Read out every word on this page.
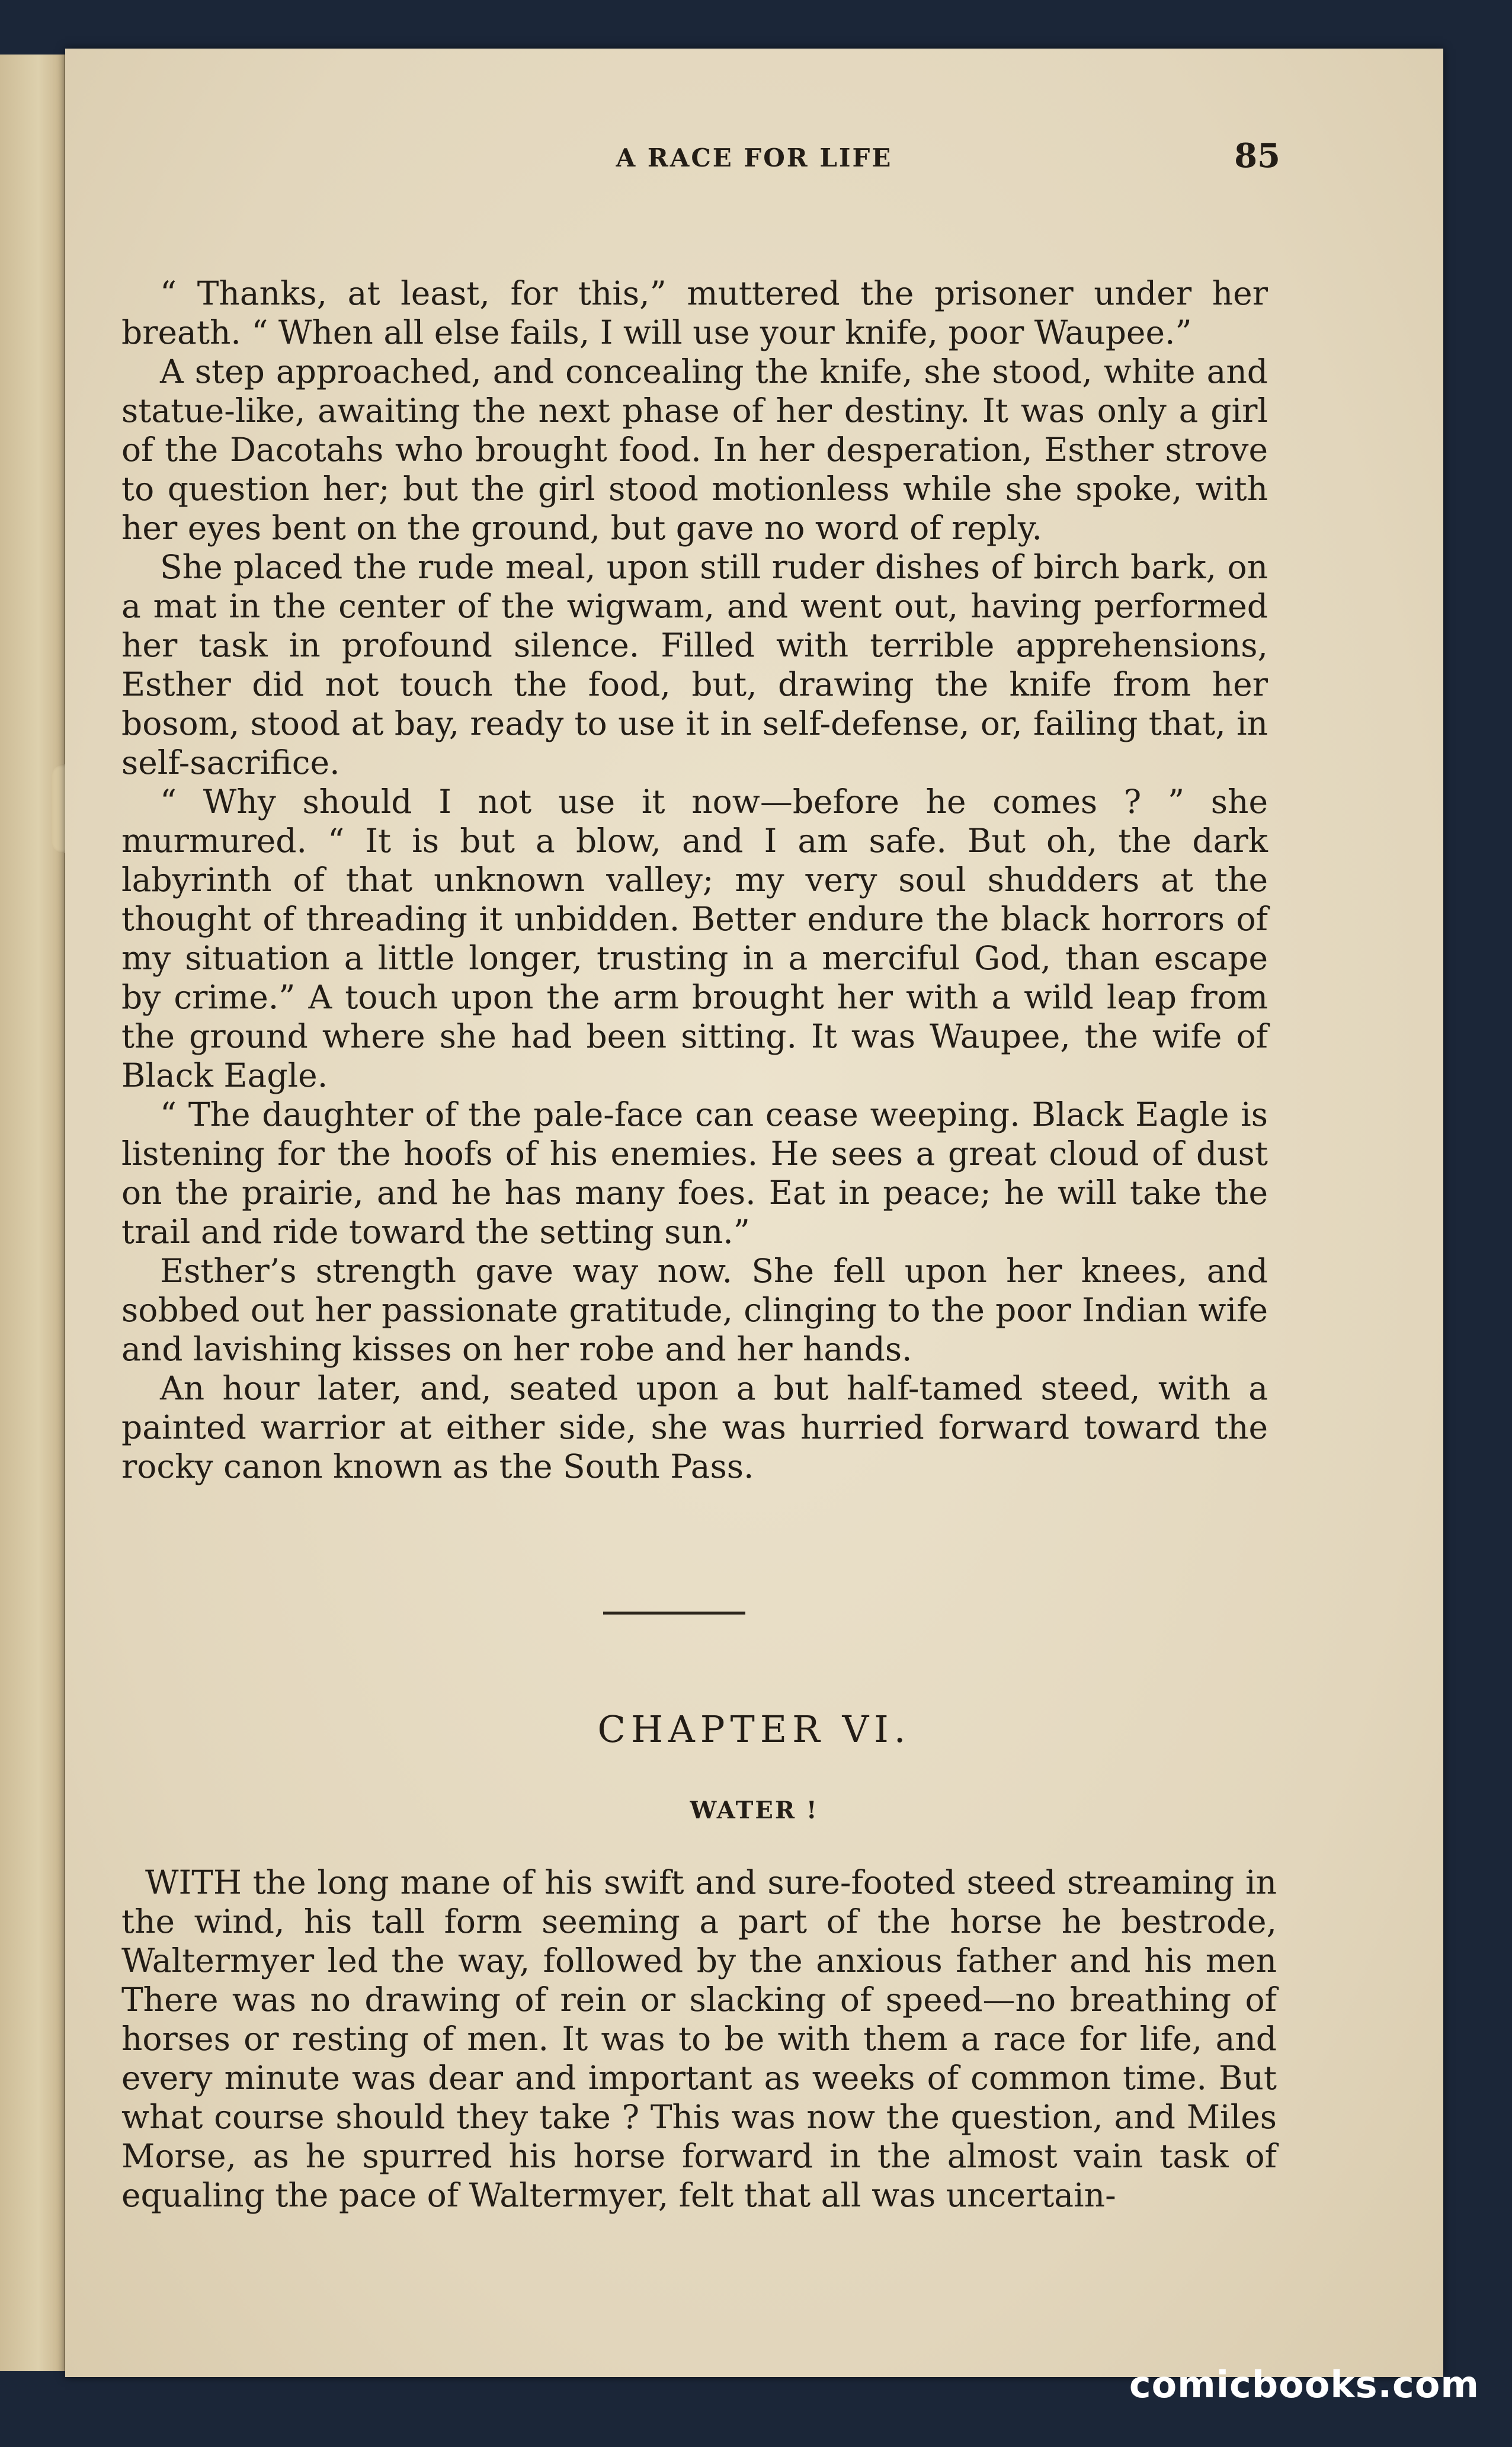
A RACE FOR LIFE	85

“ Thanks, at least, for this,” muttered the prisoner under her breath. “ When all else fails, I will use your knife, poor Waupee.”

A step approached, and concealing the knife, she stood, white and statue-like, awaiting the next phase of her destiny. It was only a girl of the Dacotahs who brought food. In her desperation, Esther strove to question her; but the girl stood motionless while she spoke, with her eyes bent on the ground, but gave no word of reply.

She placed the rude meal, upon still ruder dishes of birch bark, on a mat in the center of the wigwam, and went out, having performed her task in profound silence. Filled with terrible apprehensions, Esther did not touch the food, but, drawing the knife from her bosom, stood at bay, ready to use it in self-defense, or, failing that, in self-sacrifice.

“ Why should I not use it now—before he comes ? ” she murmured. “ It is but a blow, and I am safe. But oh, the dark labyrinth of that unknown valley; my very soul shudders at the thought of threading it unbidden. Better endure the black horrors of my situation a little longer, trusting in a merciful God, than escape by crime.” A touch upon the arm brought her with a wild leap from the ground where she had been sitting. It was Waupee, the wife of Black Eagle.

“ The daughter of the pale-face can cease weeping. Black Eagle is listening for the hoofs of his enemies. He sees a great cloud of dust on the prairie, and he has many foes. Eat in peace; he will take the trail and ride toward the setting sun.”

Esther’s strength gave way now. She fell upon her knees, and sobbed out her passionate gratitude, clinging to the poor Indian wife and lavishing kisses on her robe and her hands.

An hour later, and, seated upon a but half-tamed steed, with a painted warrior at either side, she was hurried forward toward the rocky canon known as the South Pass.

CHAPTER VI.
WATER !

WITH the long mane of his swift and sure-footed steed streaming in the wind, his tall form seeming a part of the horse he bestrode, Waltermyer led the way, followed by the anxious father and his men There was no drawing of rein or slacking of speed—no breathing of horses or resting of men. It was to be with them a race for life, and every minute was dear and important as weeks of common time. But what course should they take ? This was now the question, and Miles Morse, as he spurred his horse forward in the almost vain task of equaling the pace of Waltermyer, felt that all was uncertain-

comicbooks.com
